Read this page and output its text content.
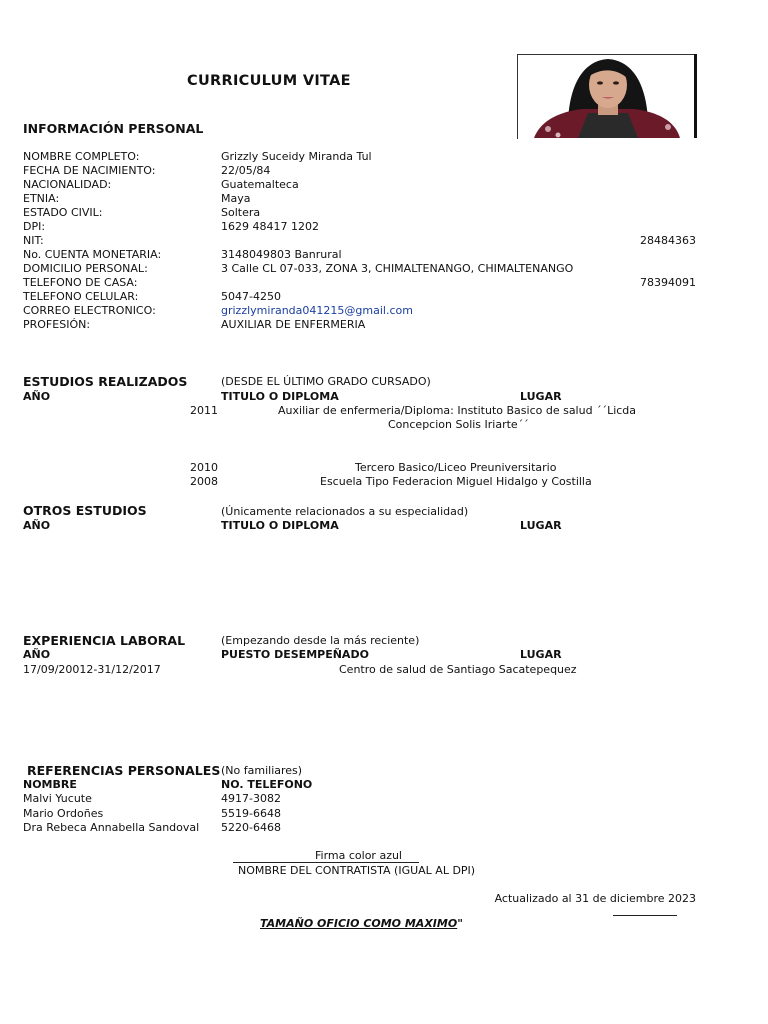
CURRICULUM VITAE
INFORMACIÓN PERSONAL
NOMBRE COMPLETO:	Grizzly Suceidy Miranda Tul
FECHA DE NACIMIENTO:	22/05/84
NACIONALIDAD:	Guatemalteca
ETNIA:	Maya
ESTADO CIVIL:	Soltera
DPI:	1629 48417 1202
NIT:	28484363
No. CUENTA MONETARIA:	3148049803 Banrural
DOMICILIO PERSONAL:	3 Calle CL 07-033, ZONA 3, CHIMALTENANGO, CHIMALTENANGO
TELEFONO DE CASA:	78394091
TELEFONO CELULAR:	5047-4250
CORREO ELECTRONICO:	grizzlymiranda041215@gmail.com
PROFESIÓN:	AUXILIAR DE ENFERMERIA
ESTUDIOS REALIZADOS	(DESDE EL ÚLTIMO GRADO CURSADO)
AÑO	TITULO O DIPLOMA	LUGAR
2011	Auxiliar de enfermeria/Diploma: Instituto Basico de salud ´´Licda
Concepcion Solis Iriarte´´
2010	Tercero Basico/Liceo Preuniversitario
2008	Escuela Tipo Federacion Miguel Hidalgo y Costilla
OTROS ESTUDIOS	(Únicamente relacionados a su especialidad)
AÑO	TITULO O DIPLOMA	LUGAR
EXPERIENCIA LABORAL	(Empezando desde la más reciente)
AÑO	PUESTO DESEMPEÑADO	LUGAR
17/09/20012-31/12/2017	Centro de salud de Santiago Sacatepequez
REFERENCIAS PERSONALES (No familiares)
NOMBRE	NO. TELEFONO
Malvi Yucute	4917-3082
Mario Ordoñes	5519-6648
Dra Rebeca Annabella Sandoval 5220-6468
Firma color azul
NOMBRE DEL CONTRATISTA (IGUAL AL DPI)
Actualizado al 31 de diciembre 2023
TAMAÑO OFICIO COMO MAXIMO"
